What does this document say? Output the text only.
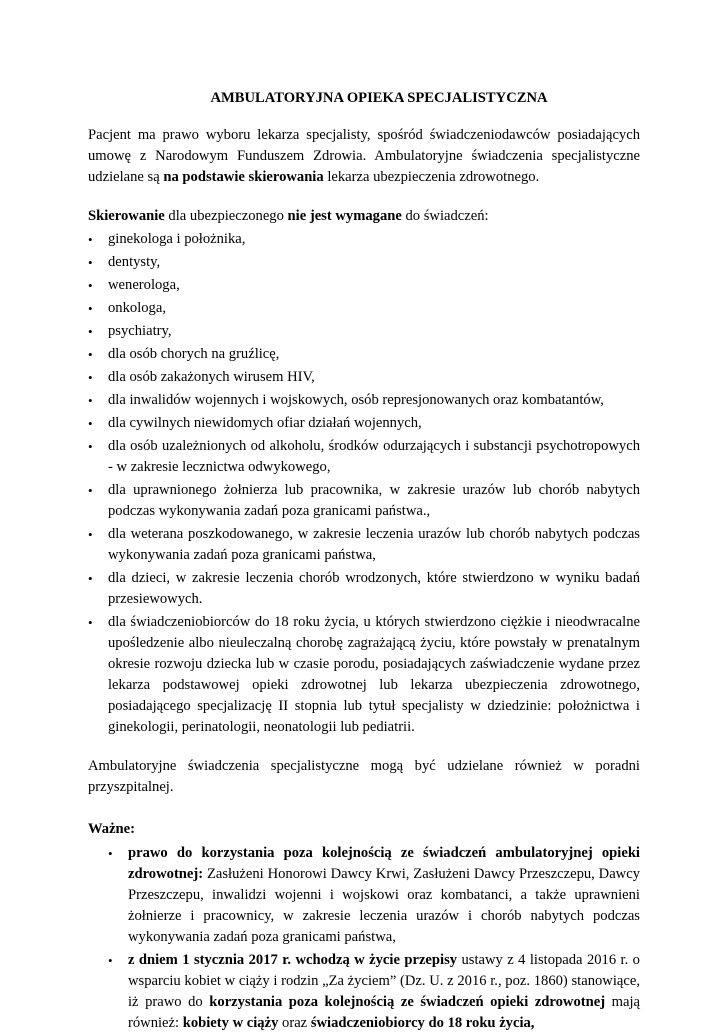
AMBULATORYJNA OPIEKA SPECJALISTYCZNA

Pacjent ma prawo wyboru lekarza specjalisty, spośród świadczeniodawców posiadających umowę z Narodowym Funduszem Zdrowia. Ambulatoryjne świadczenia specjalistyczne udzielane są na podstawie skierowania lekarza ubezpieczenia zdrowotnego.

Skierowanie dla ubezpieczonego nie jest wymagane do świadczeń:

• ginekologa i położnika,
• dentysty,
• wenerologa,
• onkologa,
• psychiatry,
• dla osób chorych na gruźlicę,
• dla osób zakażonych wirusem HIV,
• dla inwalidów wojennych i wojskowych, osób represjonowanych oraz kombatantów,
• dla cywilnych niewidomych ofiar działań wojennych,
• dla osób uzależnionych od alkoholu, środków odurzających i substancji psychotropowych - w zakresie lecznictwa odwykowego,
• dla uprawnionego żołnierza lub pracownika, w zakresie urazów lub chorób nabytych podczas wykonywania zadań poza granicami państwa.,
• dla weterana poszkodowanego, w zakresie leczenia urazów lub chorób nabytych podczas wykonywania zadań poza granicami państwa,
• dla dzieci, w zakresie leczenia chorób wrodzonych, które stwierdzono w wyniku badań przesiewowych.
• dla świadczeniobiorców do 18 roku życia, u których stwierdzono ciężkie i nieodwracalne upośledzenie albo nieuleczalną chorobę zagrażającą życiu, które powstały w prenatalnym okresie rozwoju dziecka lub w czasie porodu, posiadających zaświadczenie wydane przez lekarza podstawowej opieki zdrowotnej lub lekarza ubezpieczenia zdrowotnego, posiadającego specjalizację II stopnia lub tytuł specjalisty w dziedzinie: położnictwa i ginekologii, perinatologii, neonatologii lub pediatrii.

Ambulatoryjne świadczenia specjalistyczne mogą być udzielane również w poradni przyszpitalnej.

Ważne:

• prawo do korzystania poza kolejnością ze świadczeń ambulatoryjnej opieki zdrowotnej: Zasłużeni Honorowi Dawcy Krwi, Zasłużeni Dawcy Przeszczepu, Dawcy Przeszczepu, inwalidzi wojenni i wojskowi oraz kombatanci, a także uprawnieni żołnierze i pracownicy, w zakresie leczenia urazów i chorób nabytych podczas wykonywania zadań poza granicami państwa,
• z dniem 1 stycznia 2017 r. wchodzą w życie przepisy ustawy z 4 listopada 2016 r. o wsparciu kobiet w ciąży i rodzin „Za życiem” (Dz. U. z 2016 r., poz. 1860) stanowiące, iż prawo do korzystania poza kolejnością ze świadczeń opieki zdrowotnej mają również: kobiety w ciąży oraz świadczeniobiorcy do 18 roku życia,
